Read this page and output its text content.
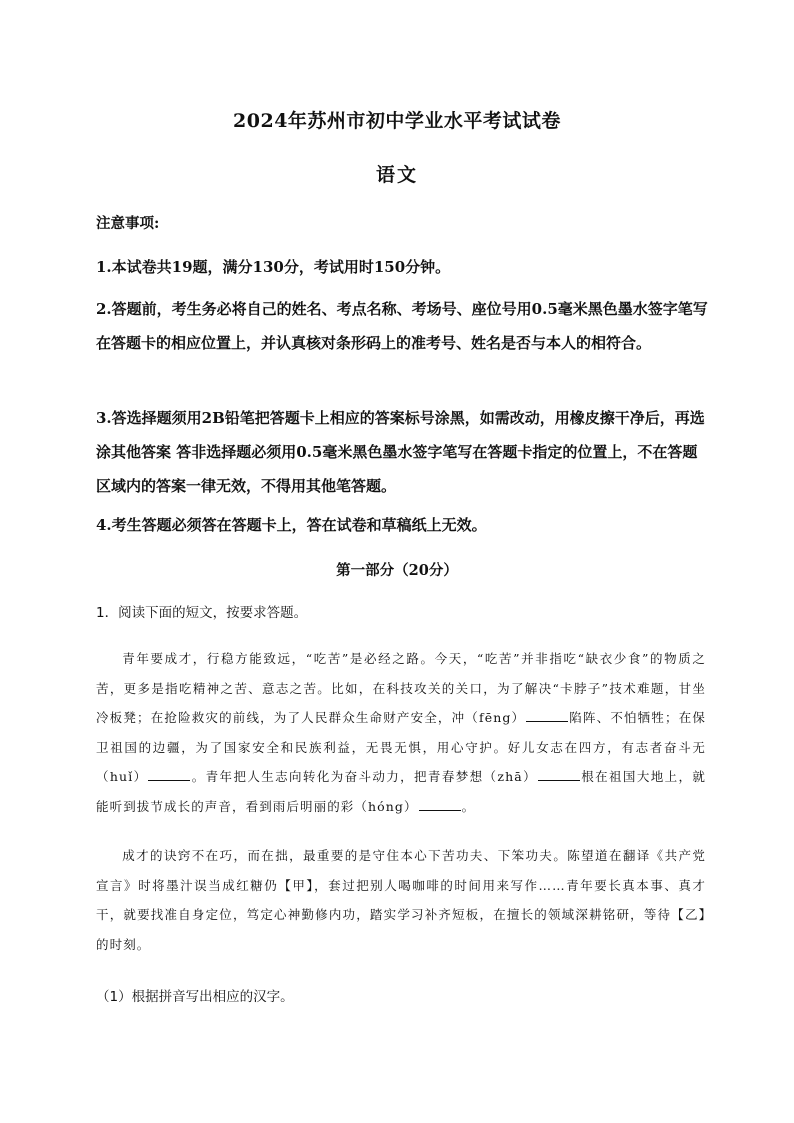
2024年苏州市初中学业水平考试试卷
语文
注意事项:

1.本试卷共19题，满分130分，考试用时150分钟。

2.答题前，考生务必将自己的姓名、考点名称、考场号、座位号用0.5毫米黑色墨水签字笔写在答题卡的相应位置上，并认真核对条形码上的准考号、姓名是否与本人的相符合。

3.答选择题须用2B铅笔把答题卡上相应的答案标号涂黑，如需改动，用橡皮擦干净后，再选涂其他答案 答非选择题必须用0.5毫米黑色墨水签字笔写在答题卡指定的位置上，不在答题区域内的答案一律无效，不得用其他笔答题。

4.考生答题必须答在答题卡上，答在试卷和草稿纸上无效。

第一部分（20分）
1．阅读下面的短文，按要求答题。

青年要成才，行稳方能致远，“吃苦”是必经之路。今天，“吃苦”并非指吃“缺衣少食”的物质之苦，更多是指吃精神之苦、意志之苦。比如，在科技攻关的关口，为了解决“卡脖子”技术难题，甘坐冷板凳；在抢险救灾的前线，为了人民群众生命财产安全，冲（fēng）	陷阵、不怕牺牲；在保卫祖国的边疆，为了国家安全和民族利益，无畏无惧，用心守护。好儿女志在四方，有志者奋斗无（huǐ）	。青年把人生志向转化为奋斗动力，把青春梦想（zhā）	根在祖国大地上，就能听到拔节成长的声音，看到雨后明丽的彩（hóng）	。

成才的诀窍不在巧，而在拙，最重要的是守住本心下苦功夫、下笨功夫。陈望道在翻译《共产党宣言》时将墨汁误当成红糖仍【甲】，套过把别人喝咖啡的时间用来写作……青年要长真本事、真才干，就要找准自身定位，笃定心神勤修内功，踏实学习补齐短板，在擅长的领域深耕铭研，等待【乙】的时刻。

（1）根据拼音写出相应的汉字。
